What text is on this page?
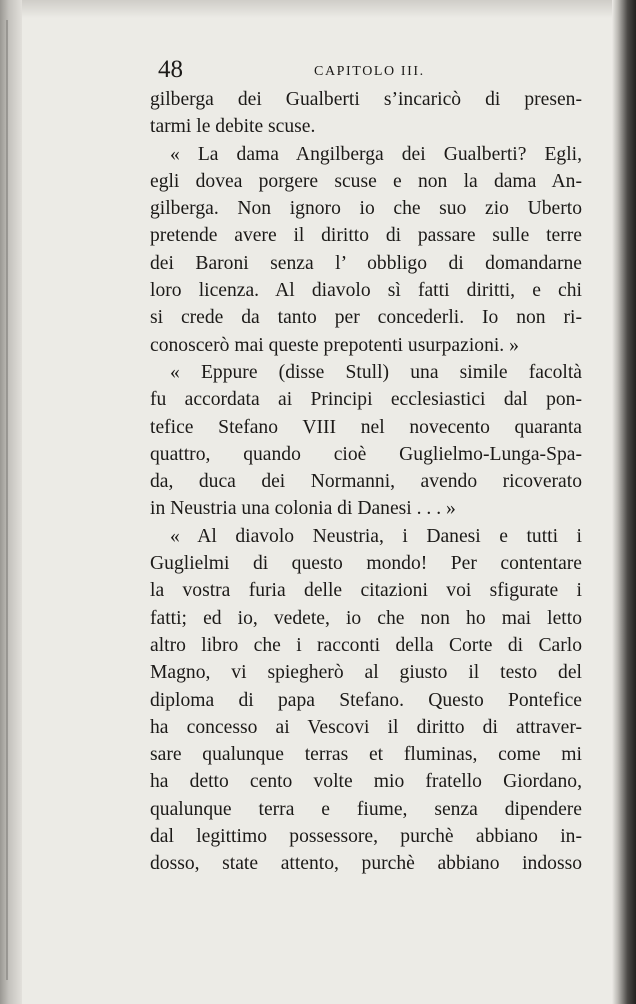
48	CAPITOLO III.
gilberga dei Gualberti s’incaricò di presen-
tarmi le debite scuse.
« La dama Angilberga dei Gualberti? Egli,
egli dovea porgere scuse e non la dama An-
gilberga. Non ignoro io che suo zio Uberto
pretende avere il diritto di passare sulle terre
dei Baroni senza l’ obbligo di domandarne
loro licenza. Al diavolo sì fatti diritti, e chi
si crede da tanto per concederli. Io non ri-
conoscerò mai queste prepotenti usurpazioni. »
« Eppure (disse Stull) una simile facoltà
fu accordata ai Principi ecclesiastici dal pon-
tefice Stefano VIII nel novecento quaranta
quattro, quando cioè Guglielmo-Lunga-Spa-
da, duca dei Normanni, avendo ricoverato
in Neustria una colonia di Danesi . . . »
« Al diavolo Neustria, i Danesi e tutti i
Guglielmi di questo mondo! Per contentare
la vostra furia delle citazioni voi sfigurate i
fatti; ed io, vedete, io che non ho mai letto
altro libro che i racconti della Corte di Carlo
Magno, vi spiegherò al giusto il testo del
diploma di papa Stefano. Questo Pontefice
ha concesso ai Vescovi il diritto di attraver-
sare qualunque terras et fluminas, come mi
ha detto cento volte mio fratello Giordano,
qualunque terra e fiume, senza dipendere
dal legittimo possessore, purchè abbiano in-
dosso, state attento, purchè abbiano indosso
